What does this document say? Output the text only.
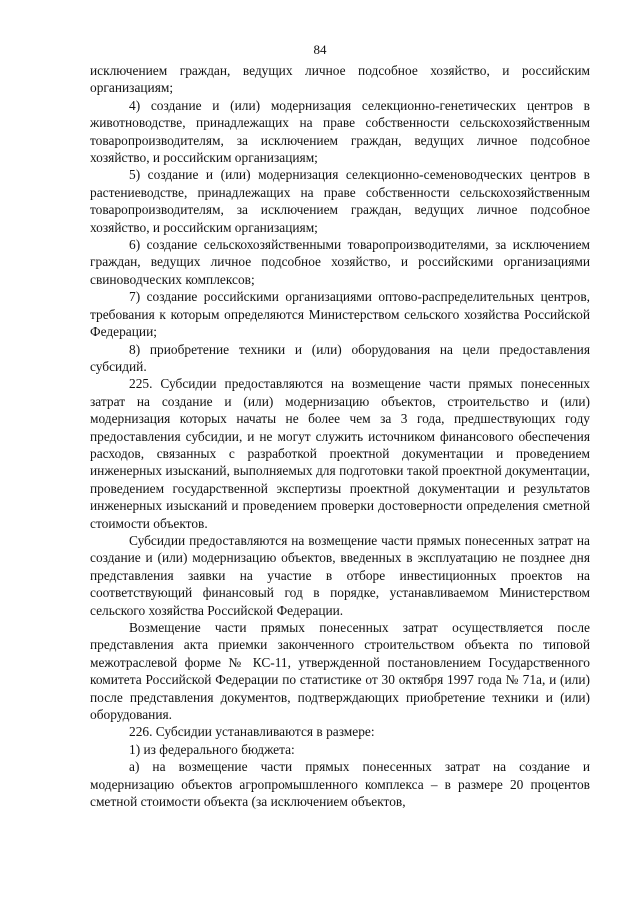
84

исключением граждан, ведущих личное подсобное хозяйство, и российским организациям;

4) создание и (или) модернизация селекционно-генетических центров в животноводстве, принадлежащих на праве собственности сельскохозяйственным товаропроизводителям, за исключением граждан, ведущих личное подсобное хозяйство, и российским организациям;

5) создание и (или) модернизация селекционно-семеноводческих центров в растениеводстве, принадлежащих на праве собственности сельскохозяйственным товаропроизводителям, за исключением граждан, ведущих личное подсобное хозяйство, и российским организациям;

6) создание сельскохозяйственными товаропроизводителями, за исключением граждан, ведущих личное подсобное хозяйство, и российскими организациями свиноводческих комплексов;

7) создание российскими организациями оптово-распределительных центров, требования к которым определяются Министерством сельского хозяйства Российской Федерации;

8) приобретение техники и (или) оборудования на цели предоставления субсидий.

225. Субсидии предоставляются на возмещение части прямых понесенных затрат на создание и (или) модернизацию объектов, строительство и (или) модернизация которых начаты не более чем за 3 года, предшествующих году предоставления субсидии, и не могут служить источником финансового обеспечения расходов, связанных с разработкой проектной документации и проведением инженерных изысканий, выполняемых для подготовки такой проектной документации, проведением государственной экспертизы проектной документации и результатов инженерных изысканий и проведением проверки достоверности определения сметной стоимости объектов.

Субсидии предоставляются на возмещение части прямых понесенных затрат на создание и (или) модернизацию объектов, введенных в эксплуатацию не позднее дня представления заявки на участие в отборе инвестиционных проектов на соответствующий финансовый год в порядке, устанавливаемом Министерством сельского хозяйства Российской Федерации.

Возмещение части прямых понесенных затрат осуществляется после представления акта приемки законченного строительством объекта по типовой межотраслевой форме № КС-11, утвержденной постановлением Государственного комитета Российской Федерации по статистике от 30 октября 1997 года № 71а, и (или) после представления документов, подтверждающих приобретение техники и (или) оборудования.

226. Субсидии устанавливаются в размере:

1) из федерального бюджета:

а) на возмещение части прямых понесенных затрат на создание и модернизацию объектов агропромышленного комплекса – в размере 20 процентов сметной стоимости объекта (за исключением объектов,
